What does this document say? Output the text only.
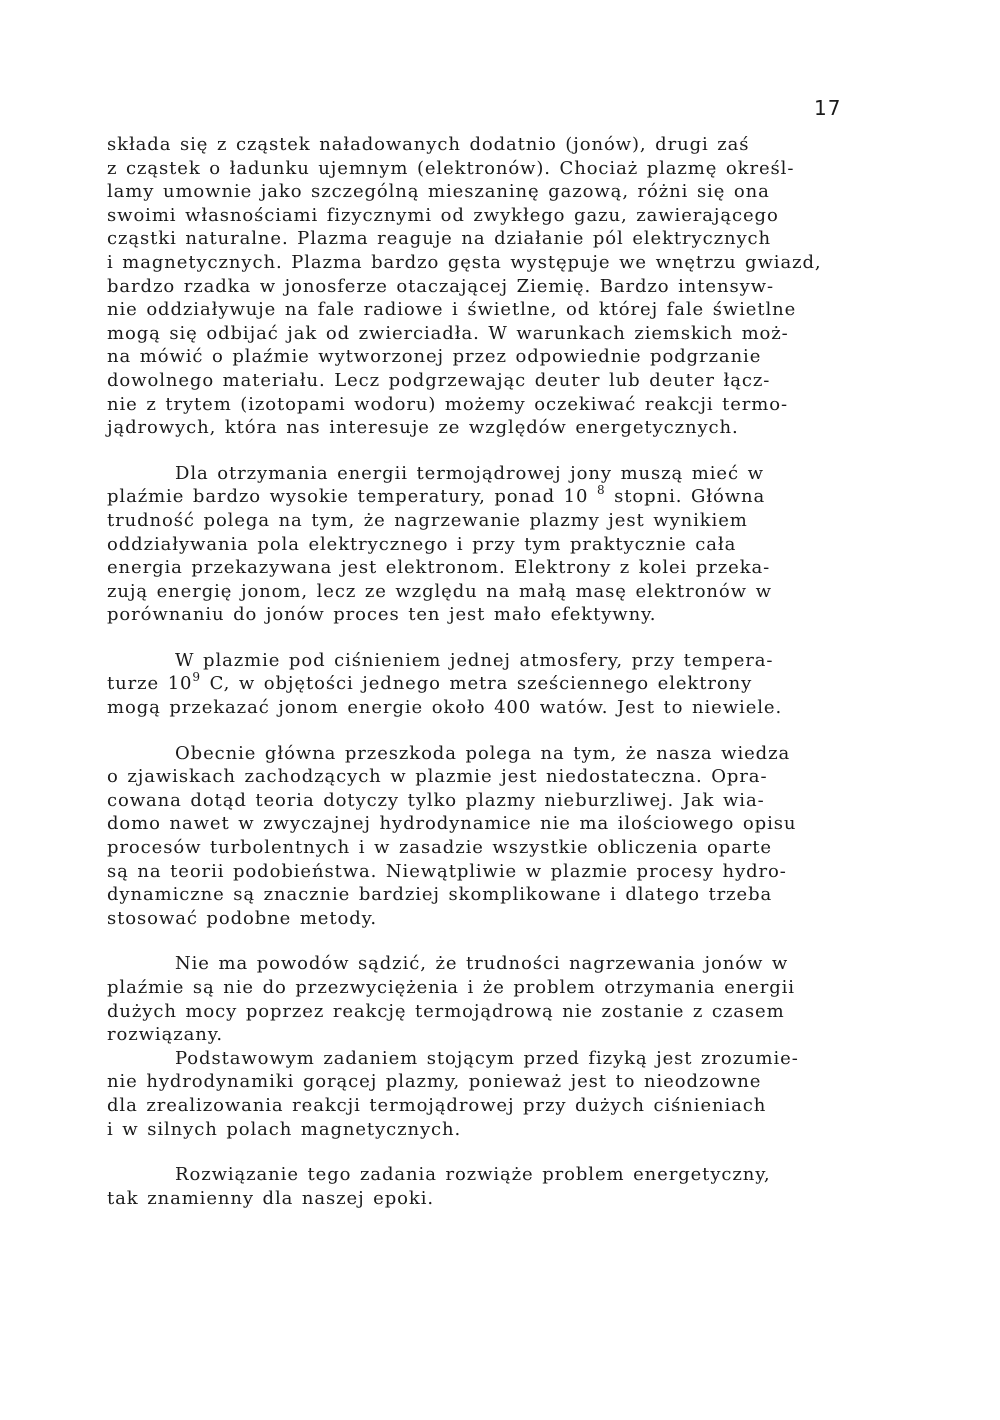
17

składa się z cząstek naładowanych dodatnio (jonów), drugi zaś
z cząstek o ładunku ujemnym (elektronów). Chociaż plazmę określ-
lamy umownie jako szczególną mieszaninę gazową, różni się ona
swoimi własnościami fizycznymi od zwykłego gazu, zawierającego
cząstki naturalne. Plazma reaguje na działanie pól elektrycznych
i magnetycznych. Plazma bardzo gęsta występuje we wnętrzu gwiazd,
bardzo rzadka w jonosferze otaczającej Ziemię. Bardzo intensyw-
nie oddziaływuje na fale radiowe i świetlne, od której fale świetlne
mogą się odbijać jak od zwierciadła. W warunkach ziemskich moż-
na mówić o plaźmie wytworzonej przez odpowiednie podgrzanie
dowolnego materiału. Lecz podgrzewając deuter lub deuter łącz-
nie z trytem (izotopami wodoru) możemy oczekiwać reakcji termo-
jądrowych, która nas interesuje ze względów energetycznych.

Dla otrzymania energii termojądrowej jony muszą mieć w
plaźmie bardzo wysokie temperatury, ponad 10 $^8$ stopni. Główna
trudność polega na tym, że nagrzewanie plazmy jest wynikiem
oddziaływania pola elektrycznego i przy tym praktycznie cała
energia przekazywana jest elektronom. Elektrony z kolei przeka-
zują energię jonom, lecz ze względu na małą masę elektronów w
porównaniu do jonów proces ten jest mało efektywny.

W plazmie pod ciśnieniem jednej atmosfery, przy tempera-
turze $10^9$ C, w objętości jednego metra sześciennego elektrony
mogą przekazać jonom energie około 400 watów. Jest to niewiele.

Obecnie główna przeszkoda polega na tym, że nasza wiedza
o zjawiskach zachodzących w plazmie jest niedostateczna. Opra-
cowana dotąd teoria dotyczy tylko plazmy nieburzliwej. Jak wia-
domo nawet w zwyczajnej hydrodynamice nie ma ilościowego opisu
procesów turbolentnych i w zasadzie wszystkie obliczenia oparte
są na teorii podobieństwa. Niewątpliwie w plazmie procesy hydro-
dynamiczne są znacznie bardziej skomplikowane i dlatego trzeba
stosować podobne metody.

Nie ma powodów sądzić, że trudności nagrzewania jonów w
plaźmie są nie do przezwyciężenia i że problem otrzymania energii
dużych mocy poprzez reakcję termojądrową nie zostanie z czasem
rozwiązany.

Podstawowym zadaniem stojącym przed fizyką jest zrozumie-
nie hydrodynamiki gorącej plazmy, ponieważ jest to nieodzowne
dla zrealizowania reakcji termojądrowej przy dużych ciśnieniach
i w silnych polach magnetycznych.

Rozwiązanie tego zadania rozwiąże problem energetyczny,
tak znamienny dla naszej epoki.
